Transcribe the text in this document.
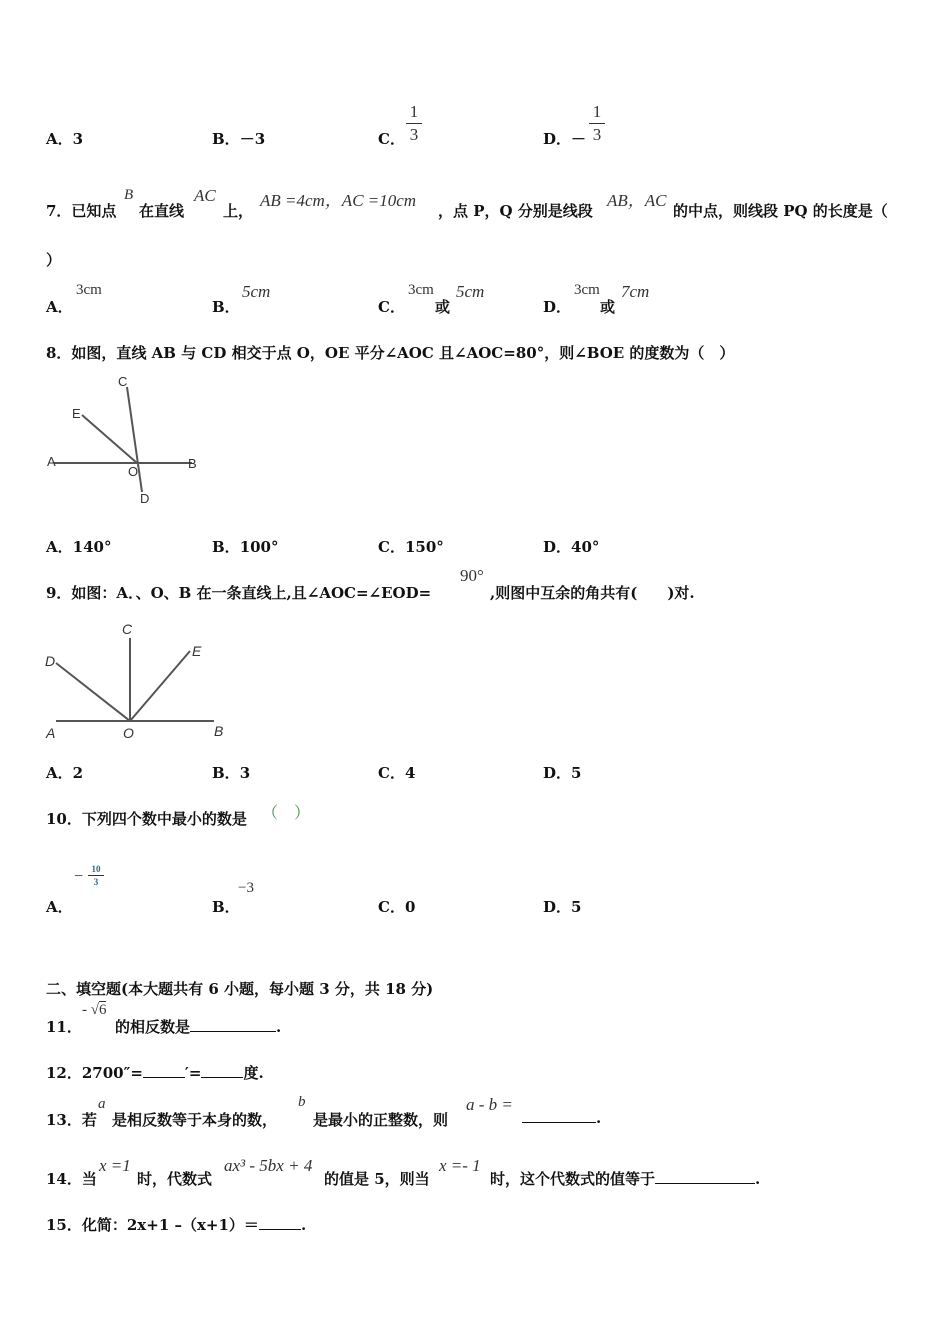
A．3	B．－3	C．
1
3	D．－
1
3
7．已知点
B
在直线
AC
上，
AB =4cm，AC =10cm
，点 P，Q 分别是线段
AB，AC
的中点，则线段 PQ 的长度是（
）
A．
3cm
B．
5cm
C．
3cm
或
5cm
D．
3cm
或
7cm
8．如图，直线 AB 与 CD 相交于点 O，OE 平分∠AOC 且∠AOC=80°，则∠BOE 的度数为（　）
A	B
C
D
E
O
A．140°	B．100°	C．150°	D．40°
9．如图：A．、O、B 在一条直线上,且∠AOC=∠EOD=
90°
,则图中互余的角共有(　　)对.
A	B
C
D
E
O
A．2	B．3	C．4	D．5
10．下列四个数中最小的数是 （　）
A．
− 10
3
B．
−3
C．0	D．5
二、填空题(本大题共有 6 小题，每小题 3 分，共 18 分)
11．
- √6
的相反数是	.
12．2700″=	′=	度.
13．若
a
是相反数等于本身的数，
b
是最小的正整数，则
a - b =
.
14．当
x =1
时，代数式
ax³ - 5bx + 4
的值是 5，则当
x =- 1
时，这个代数式的值等于	.
15．化简：2x+1 –（x+1）＝	.
